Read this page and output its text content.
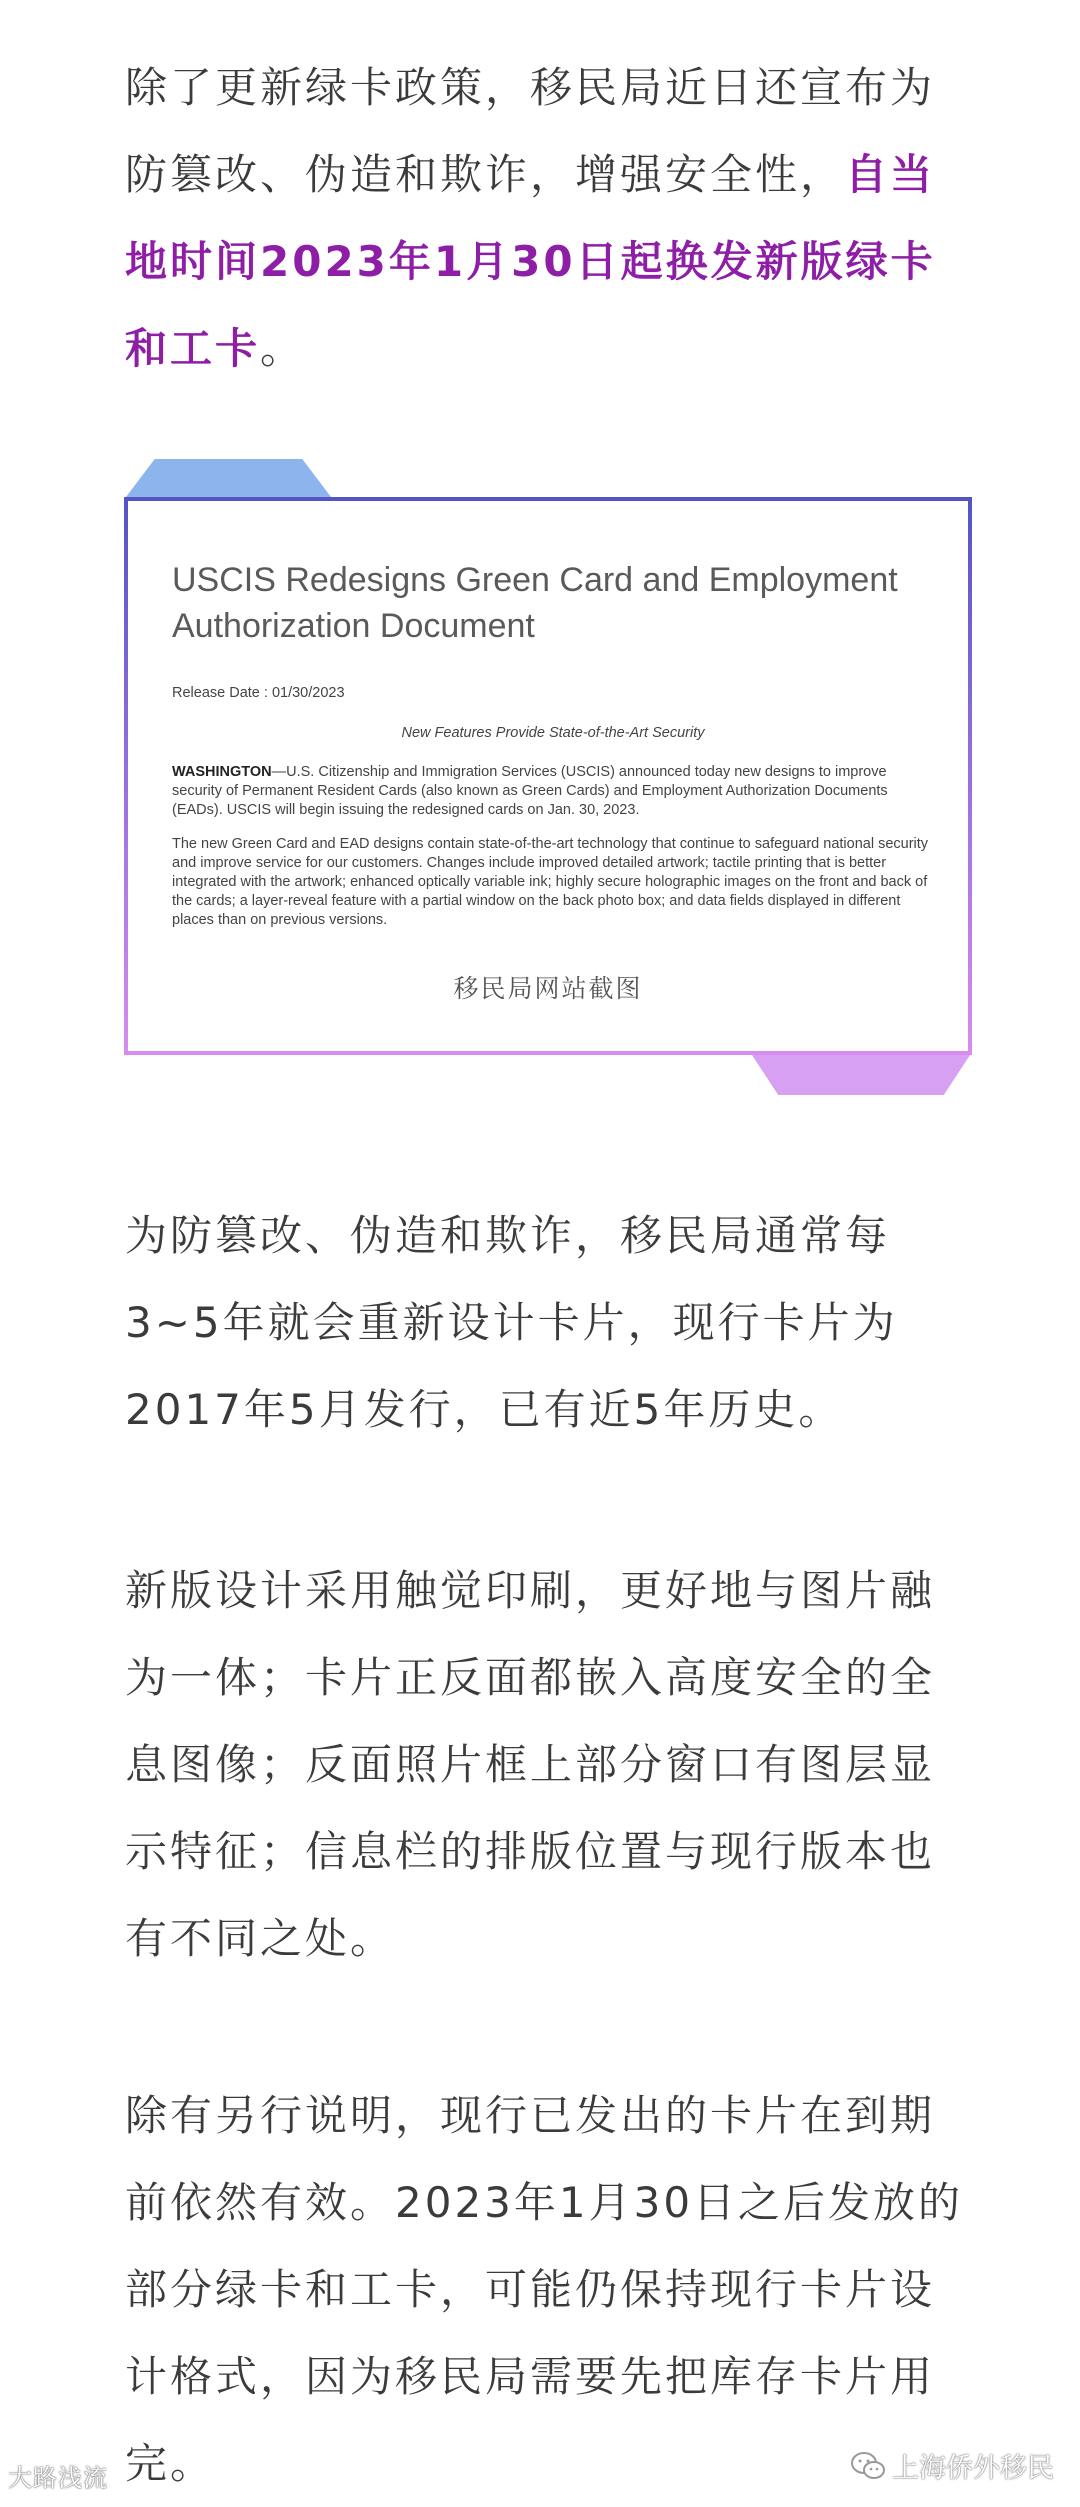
除了更新绿卡政策，移民局近日还宣布为防篡改、伪造和欺诈，增强安全性，自当地时间2023年1月30日起换发新版绿卡和工卡。

USCIS Redesigns Green Card and Employment Authorization Document
Release Date : 01/30/2023
New Features Provide State-of-the-Art Security

WASHINGTON—U.S. Citizenship and Immigration Services (USCIS) announced today new designs to improve security of Permanent Resident Cards (also known as Green Cards) and Employment Authorization Documents (EADs). USCIS will begin issuing the redesigned cards on Jan. 30, 2023.

The new Green Card and EAD designs contain state-of-the-art technology that continue to safeguard national security and improve service for our customers. Changes include improved detailed artwork; tactile printing that is better integrated with the artwork; enhanced optically variable ink; highly secure holographic images on the front and back of the cards; a layer-reveal feature with a partial window on the back photo box; and data fields displayed in different places than on previous versions.

移民局网站截图

为防篡改、伪造和欺诈，移民局通常每3~5年就会重新设计卡片，现行卡片为2017年5月发行，已有近5年历史。

新版设计采用触觉印刷，更好地与图片融为一体；卡片正反面都嵌入高度安全的全息图像；反面照片框上部分窗口有图层显示特征；信息栏的排版位置与现行版本也有不同之处。

除有另行说明，现行已发出的卡片在到期前依然有效。2023年1月30日之后发放的部分绿卡和工卡，可能仍保持现行卡片设计格式，因为移民局需要先把库存卡片用完。

大路浅流	上海侨外移民
